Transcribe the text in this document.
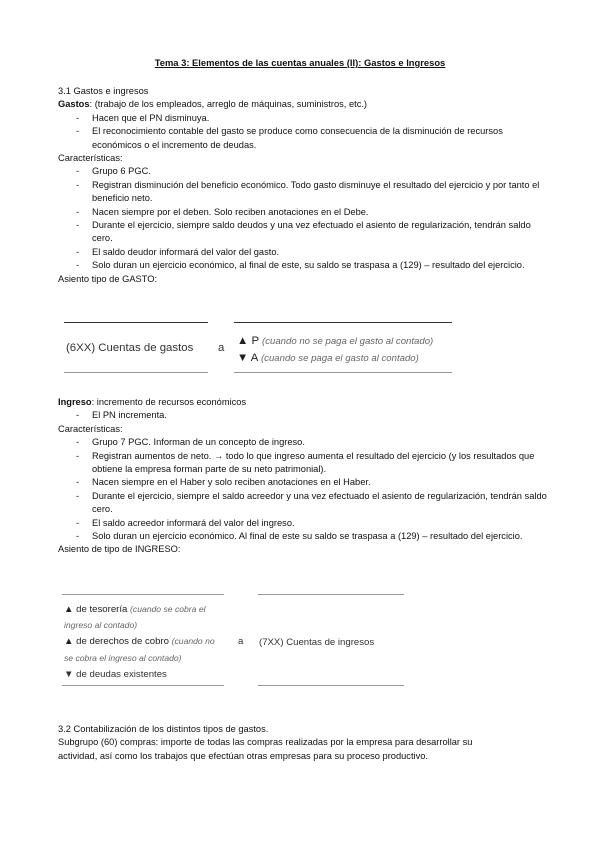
Tema 3: Elementos de las cuentas anuales (II): Gastos e Ingresos
3.1 Gastos e ingresos
Gastos: (trabajo de los empleados, arreglo de máquinas, suministros, etc.)
- Hacen que el PN disminuya.
- El reconocimiento contable del gasto se produce como consecuencia de la disminución de recursos económicos o el incremento de deudas.
Características:
- Grupo 6 PGC.
- Registran disminución del beneficio económico. Todo gasto disminuye el resultado del ejercicio y por tanto el beneficio neto.
- Nacen siempre por el deben. Solo reciben anotaciones en el Debe.
- Durante el ejercicio, siempre saldo deudos y una vez efectuado el asiento de regularización, tendrán saldo cero.
- El saldo deudor informará del valor del gasto.
- Solo duran un ejercicio económico, al final de este, su saldo se traspasa a (129) – resultado del ejercicio.
Asiento tipo de GASTO:
(6XX) Cuentas de gastos a
▲ P (cuando no se paga el gasto al contado)
▼ A (cuando se paga el gasto al contado)
Ingreso: incremento de recursos económicos
- El PN incrementa.
Características:
- Grupo 7 PGC. Informan de un concepto de ingreso.
- Registran aumentos de neto. → todo lo que ingreso aumenta el resultado del ejercicio (y los resultados que obtiene la empresa forman parte de su neto patrimonial).
- Nacen siempre en el Haber y solo reciben anotaciones en el Haber.
- Durante el ejercicio, siempre el saldo acreedor y una vez efectuado el asiento de regularización, tendrán saldo cero.
- El saldo acreedor informará del valor del ingreso.
- Solo duran un ejercicio económico. Al final de este su saldo se traspasa a (129) – resultado del ejercicio.
Asiento de tipo de INGRESO:
▲ de tesorería (cuando se cobra el
ingreso al contado)
▲ de derechos de cobro (cuando no
se cobra el ingreso al contado)
▼ de deudas existentes
a (7XX) Cuentas de ingresos
3.2 Contabilización de los distintos tipos de gastos.
Subgrupo (60) compras: importe de todas las compras realizadas por la empresa para desarrollar su
actividad, así como los trabajos que efectúan otras empresas para su proceso productivo.
